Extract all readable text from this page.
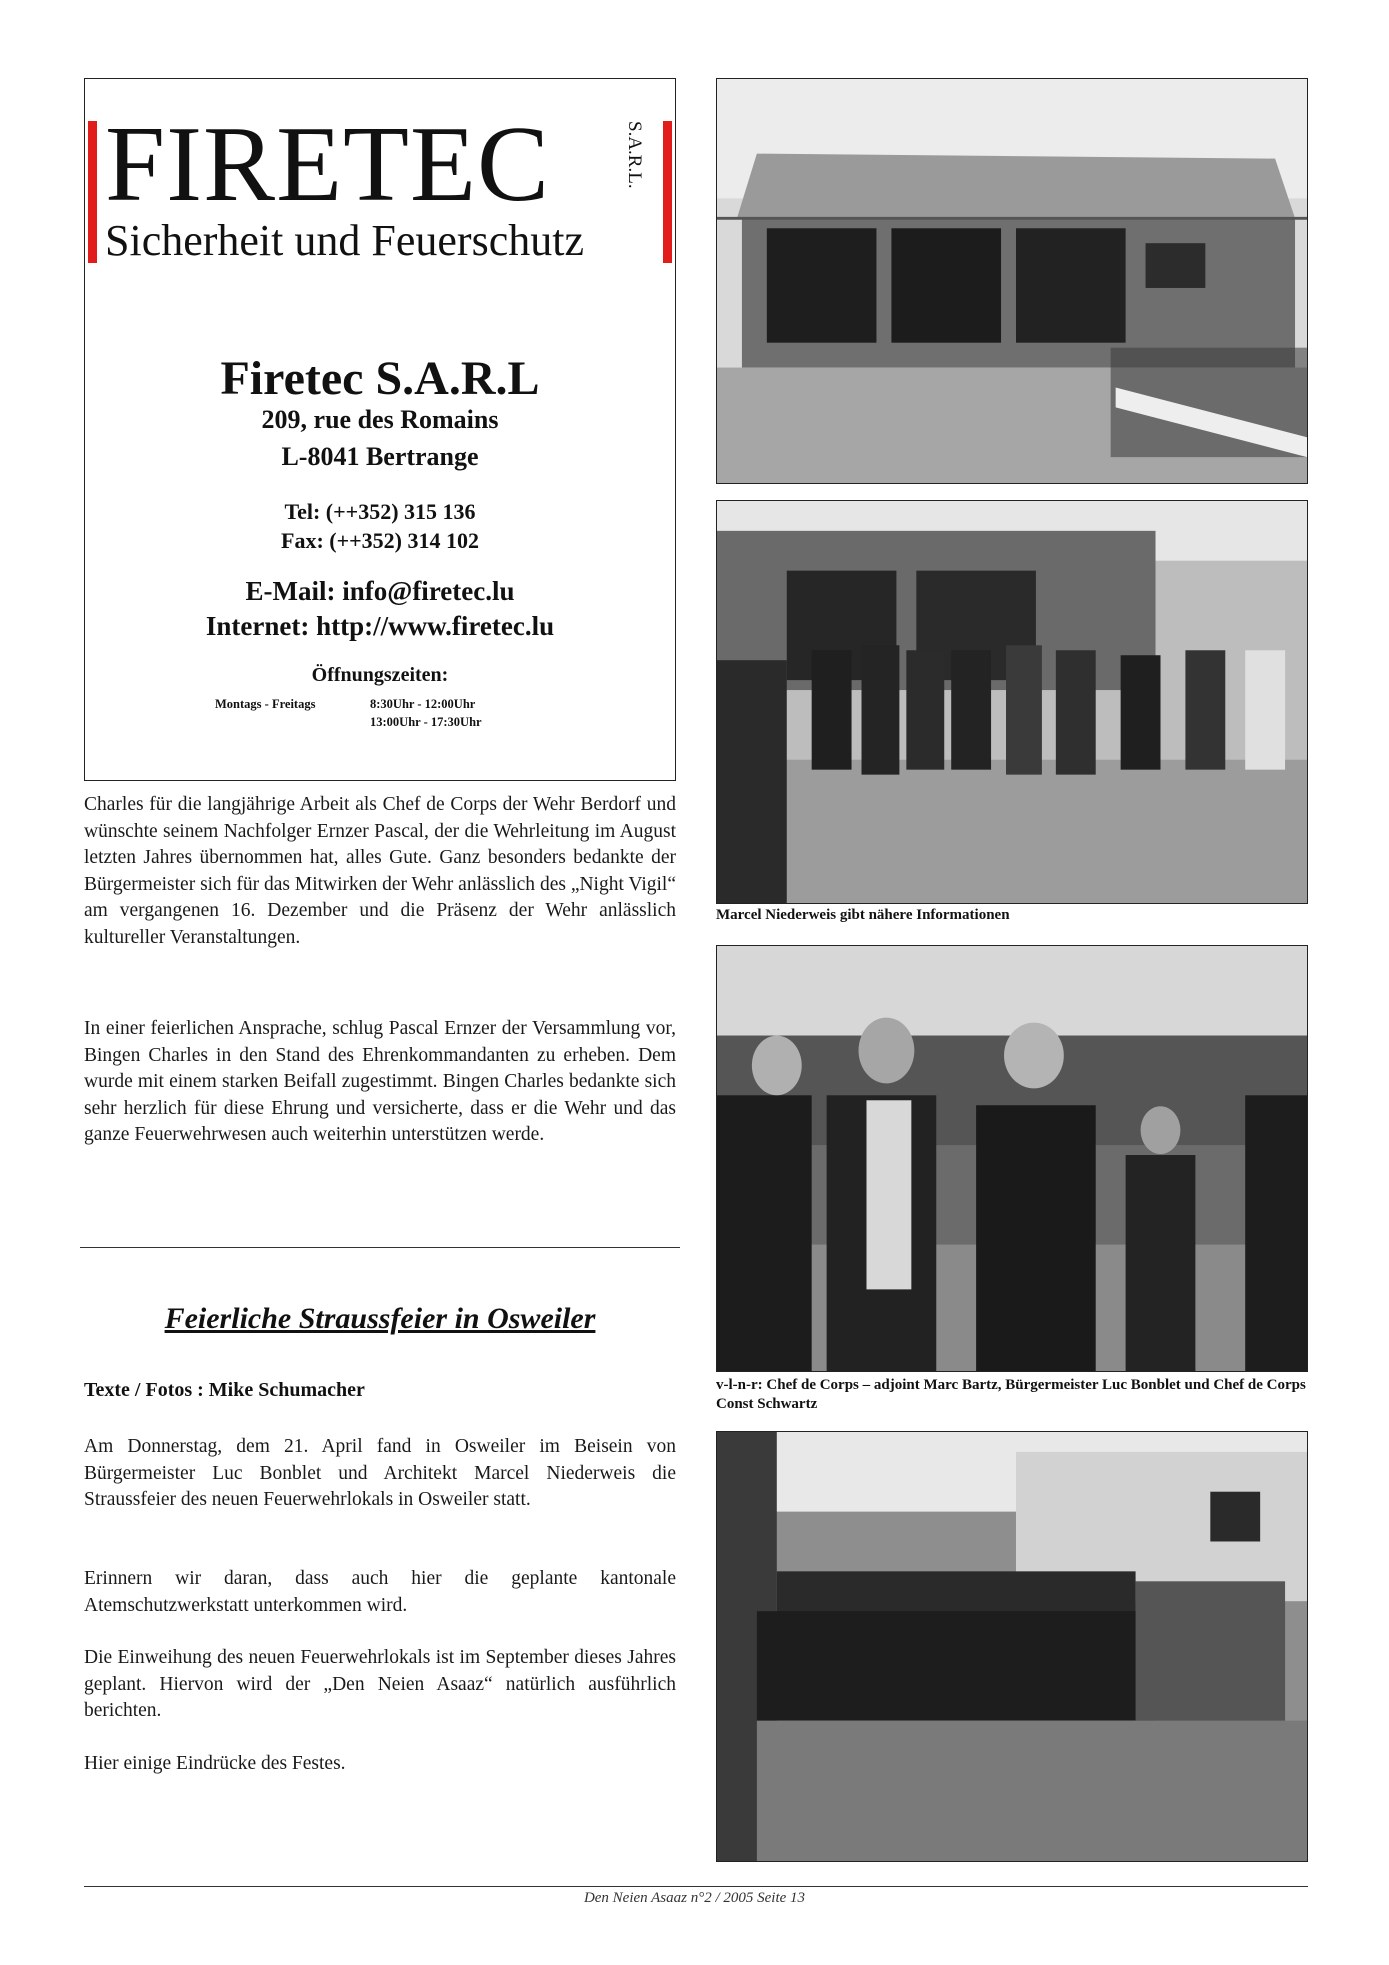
FIRETEC	S.A.R.L.
Sicherheit und Feuerschutz
Firetec S.A.R.L
209, rue des Romains
L-8041 Bertrange
Tel: (++352) 315 136
Fax: (++352) 314 102
E-Mail: info@firetec.lu
Internet: http://www.firetec.lu
Öffnungszeiten:
Montags - Freitags	8:30Uhr - 12:00Uhr
13:00Uhr - 17:30Uhr
Charles für die langjährige Arbeit als Chef de Corps der Wehr Berdorf und wünschte seinem Nachfolger Ernzer Pascal, der die Wehrleitung im August letzten Jahres übernommen hat, alles Gute. Ganz besonders bedankte der Bürgermeister sich für das Mitwirken der Wehr anlässlich des „Night Vigil“ am vergangenen 16. Dezember und die Präsenz der Wehr anlässlich kultureller Veranstaltungen.
In einer feierlichen Ansprache, schlug Pascal Ernzer der Versammlung vor, Bingen Charles in den Stand des Ehrenkommandanten zu erheben. Dem wurde mit einem starken Beifall zugestimmt. Bingen Charles bedankte sich sehr herzlich für diese Ehrung und versicherte, dass er die Wehr und das ganze Feuerwehrwesen auch weiterhin unterstützen werde.
Feierliche Straussfeier in Osweiler
Texte / Fotos : Mike Schumacher
Am Donnerstag, dem 21. April fand in Osweiler im Beisein von Bürgermeister Luc Bonblet und Architekt Marcel Niederweis die Straussfeier des neuen Feuerwehrlokals in Osweiler statt.
Erinnern wir daran, dass auch hier die geplante kantonale Atemschutzwerkstatt unterkommen wird.
Die Einweihung des neuen Feuerwehrlokals ist im September dieses Jahres geplant. Hiervon wird der „Den Neien Asaaz“ natürlich ausführlich berichten.
Hier einige Eindrücke des Festes.
Marcel Niederweis gibt nähere Informationen
v-l-n-r: Chef de Corps – adjoint Marc Bartz, Bürgermeister Luc Bonblet und Chef de Corps Const Schwartz
Den Neien Asaaz n°2 / 2005 Seite 13
